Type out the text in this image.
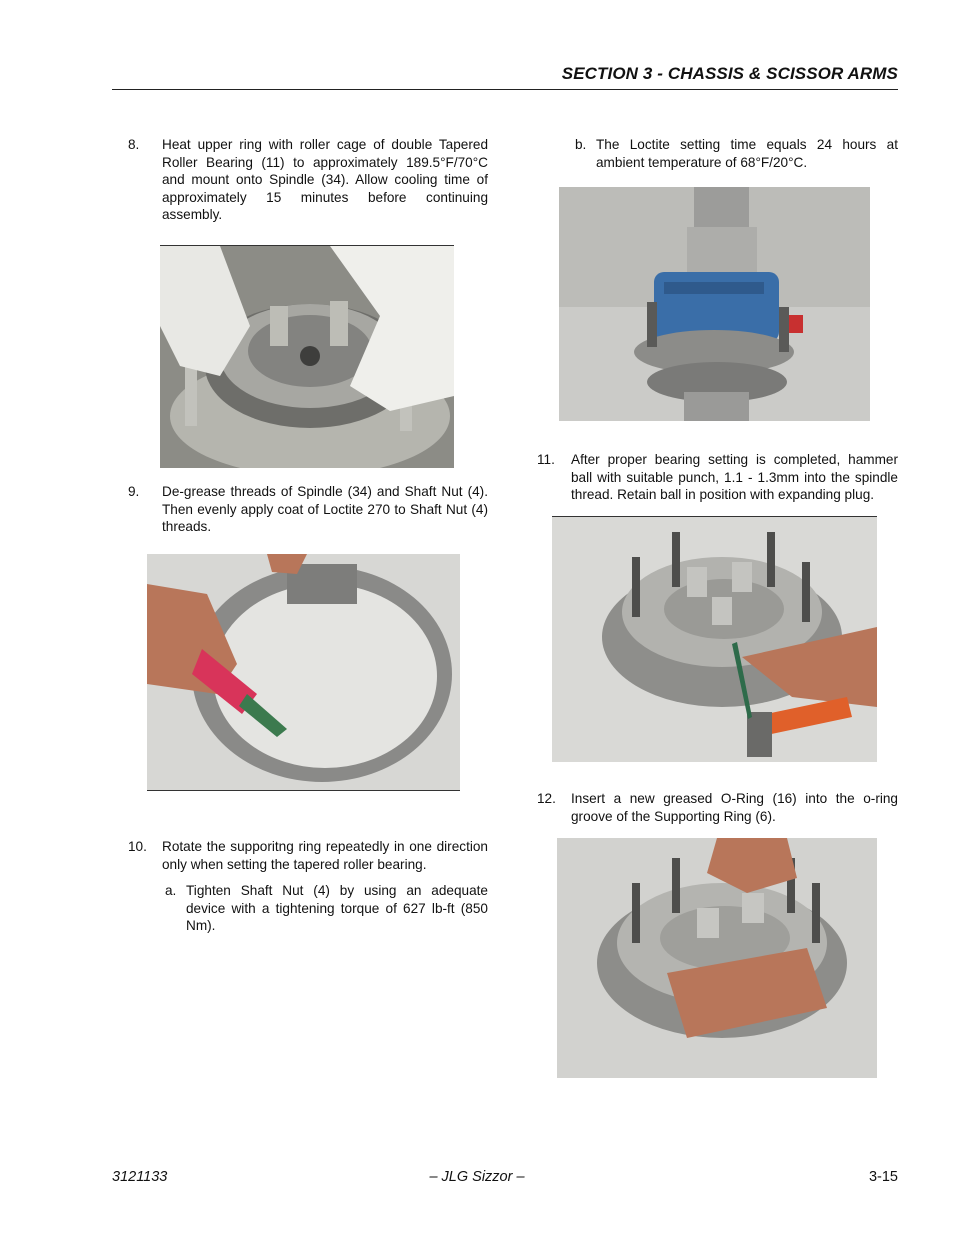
SECTION 3 - CHASSIS & SCISSOR ARMS
8. Heat upper ring with roller cage of double Tapered Roller Bearing (11) to approximately 189.5°F/70°C and mount onto Spindle (34). Allow cooling time of approximately 15 minutes before continuing assembly.
9. De-grease threads of Spindle (34) and Shaft Nut (4). Then evenly apply coat of Loctite 270 to Shaft Nut (4) threads.
10. Rotate the supporitng ring repeatedly in one direction only when setting the tapered roller bearing.
a. Tighten Shaft Nut (4) by using an adequate device with a tightening torque of 627 lb-ft (850 Nm).
b. The Loctite setting time equals 24 hours at ambient temperature of 68°F/20°C.
11. After proper bearing setting is completed, hammer ball with suitable punch, 1.1 - 1.3mm into the spindle thread. Retain ball in position with expanding plug.
12. Insert a new greased O-Ring (16) into the o-ring groove of the Supporting Ring (6).
3121133	– JLG Sizzor –	3-15
